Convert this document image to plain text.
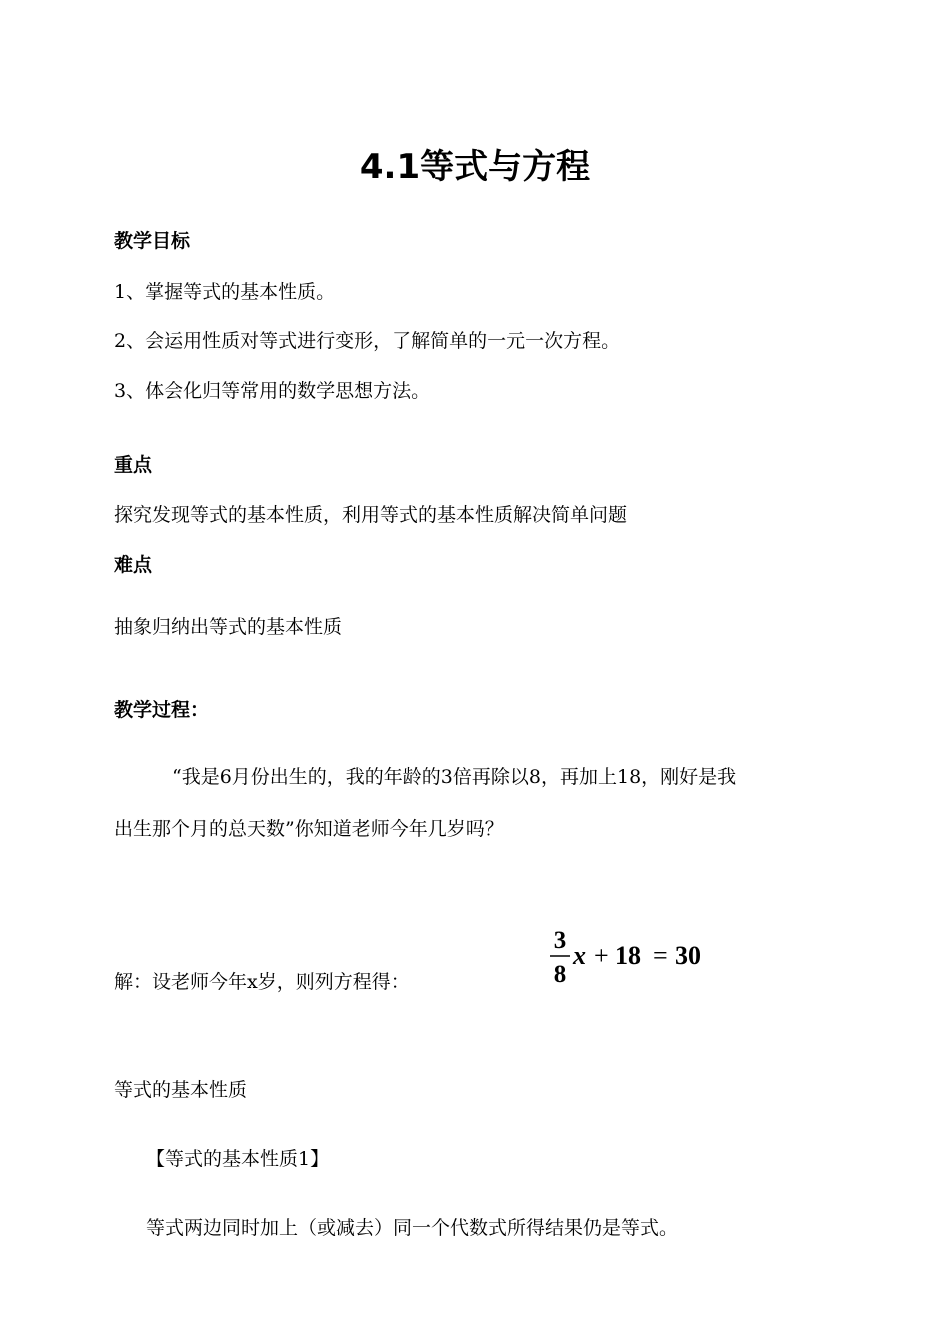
4.1等式与方程
教学目标
1、掌握等式的基本性质。
2、会运用性质对等式进行变形，了解简单的一元一次方程。
3、体会化归等常用的数学思想方法。
重点
探究发现等式的基本性质，利用等式的基本性质解决简单问题
难点
抽象归纳出等式的基本性质
教学过程：
“我是6月份出生的，我的年龄的3倍再除以8，再加上18，刚好是我
出生那个月的总天数”你知道老师今年几岁吗？
解：设老师今年x岁，则列方程得：
3
8
x + 18 = 30
等式的基本性质
【等式的基本性质1】
等式两边同时加上（或减去）同一个代数式所得结果仍是等式。
